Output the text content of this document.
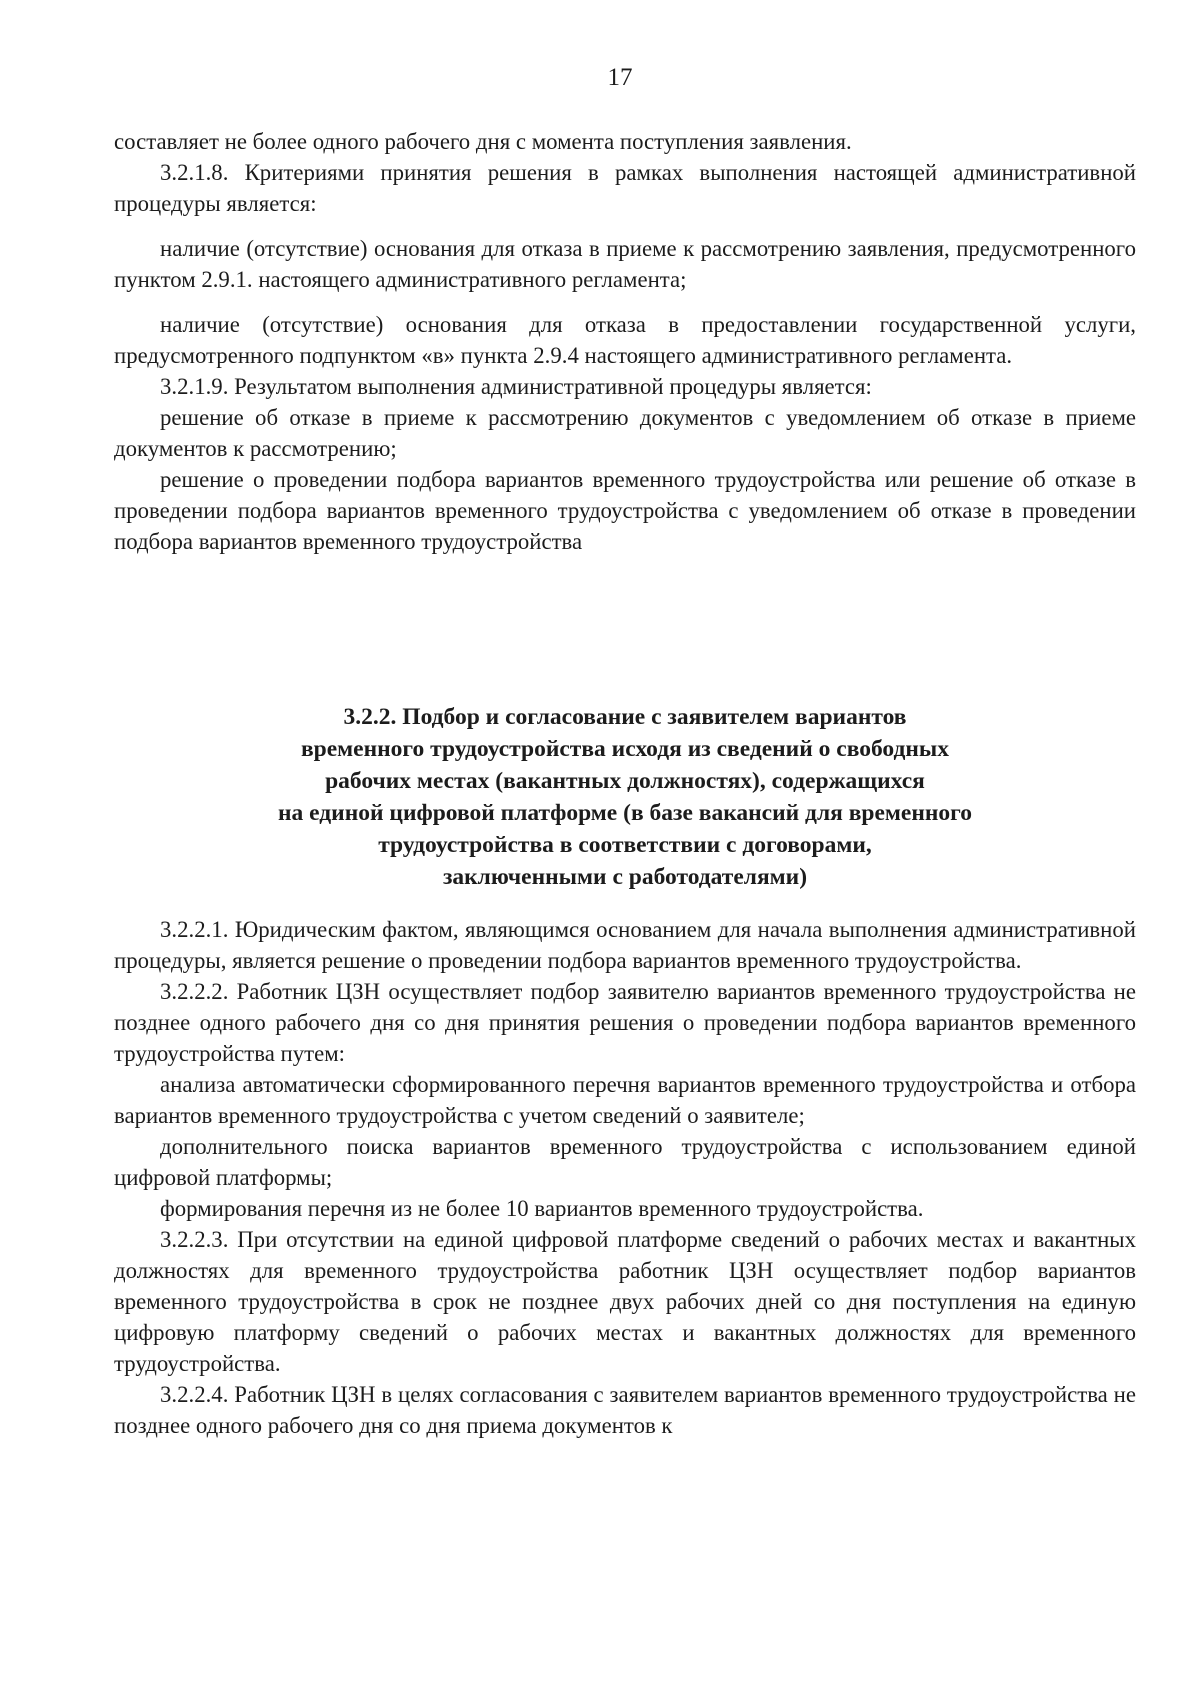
17

составляет не более одного рабочего дня с момента поступления заявления.

3.2.1.8. Критериями принятия решения в рамках выполнения настоящей административной процедуры является:

наличие (отсутствие) основания для отказа в приеме к рассмотрению заявления, предусмотренного пунктом 2.9.1. настоящего административного регламента;

наличие (отсутствие) основания для отказа в предоставлении государственной услуги, предусмотренного подпунктом «в» пункта 2.9.4 настоящего административного регламента.

3.2.1.9. Результатом выполнения административной процедуры является:

решение об отказе в приеме к рассмотрению документов с уведомлением об отказе в приеме документов к рассмотрению;

решение о проведении подбора вариантов временного трудоустройства или решение об отказе в проведении подбора вариантов временного трудоустройства с уведомлением об отказе в проведении подбора вариантов временного трудоустройства

3.2.2. Подбор и согласование с заявителем вариантов
временного трудоустройства исходя из сведений о свободных
рабочих местах (вакантных должностях), содержащихся
на единой цифровой платформе (в базе вакансий для временного
трудоустройства в соответствии с договорами,
заключенными с работодателями)

3.2.2.1. Юридическим фактом, являющимся основанием для начала выполнения административной процедуры, является решение о проведении подбора вариантов временного трудоустройства.

3.2.2.2. Работник ЦЗН осуществляет подбор заявителю вариантов временного трудоустройства не позднее одного рабочего дня со дня принятия решения о проведении подбора вариантов временного трудоустройства путем:

анализа автоматически сформированного перечня вариантов временного трудоустройства и отбора вариантов временного трудоустройства с учетом сведений о заявителе;

дополнительного поиска вариантов временного трудоустройства с использованием единой цифровой платформы;

формирования перечня из не более 10 вариантов временного трудоустройства.

3.2.2.3. При отсутствии на единой цифровой платформе сведений о рабочих местах и вакантных должностях для временного трудоустройства работник ЦЗН осуществляет подбор вариантов временного трудоустройства в срок не позднее двух рабочих дней со дня поступления на единую цифровую платформу сведений о рабочих местах и вакантных должностях для временного трудоустройства.

3.2.2.4. Работник ЦЗН в целях согласования с заявителем вариантов временного трудоустройства не позднее одного рабочего дня со дня приема документов к
